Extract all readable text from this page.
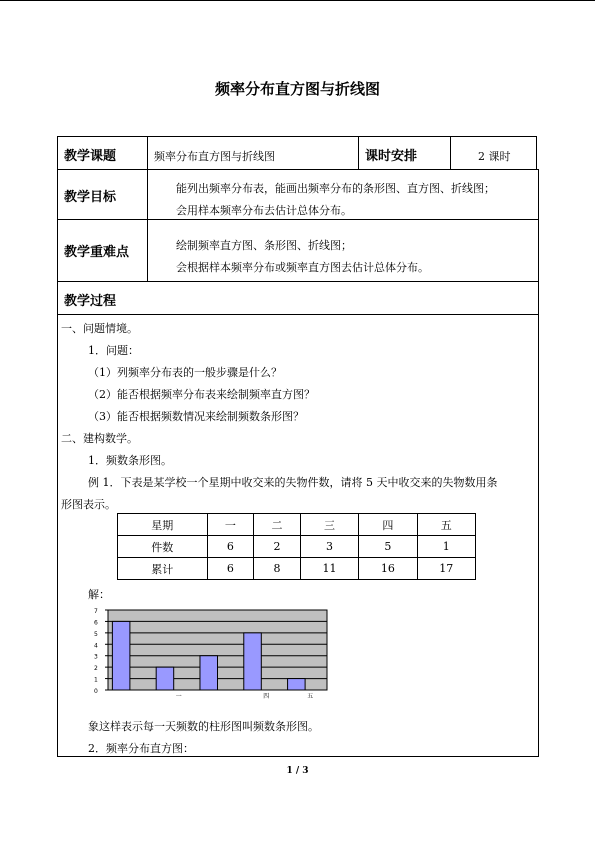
频率分布直方图与折线图
教学课题	频率分布直方图与折线图	课时安排	2 课时
教学目标
能列出频率分布表，能画出频率分布的条形图、直方图、折线图；
会用样本频率分布去估计总体分布。
教学重难点	绘制频率直方图、条形图、折线图；
会根据样本频率分布或频率直方图去估计总体分布。
教学过程
一、问题情境。
1．问题：
（1）列频率分布表的一般步骤是什么？
（2）能否根据频率分布表来绘制频率直方图？
（3）能否根据频数情况来绘制频数条形图？
二、建构数学。
1．频数条形图。
例 1．下表是某学校一个星期中收交来的失物件数，请将 5 天中收交来的失物数用条
形图表示。
星期	一	二	三	四	五
件数	6	2	3	5	1
累计	6	8	11	16	17
解：
0
1
2
3
4
5
6
7
一	四	五
象这样表示每一天频数的柱形图叫频数条形图。
2．频率分布直方图：
1 / 3
